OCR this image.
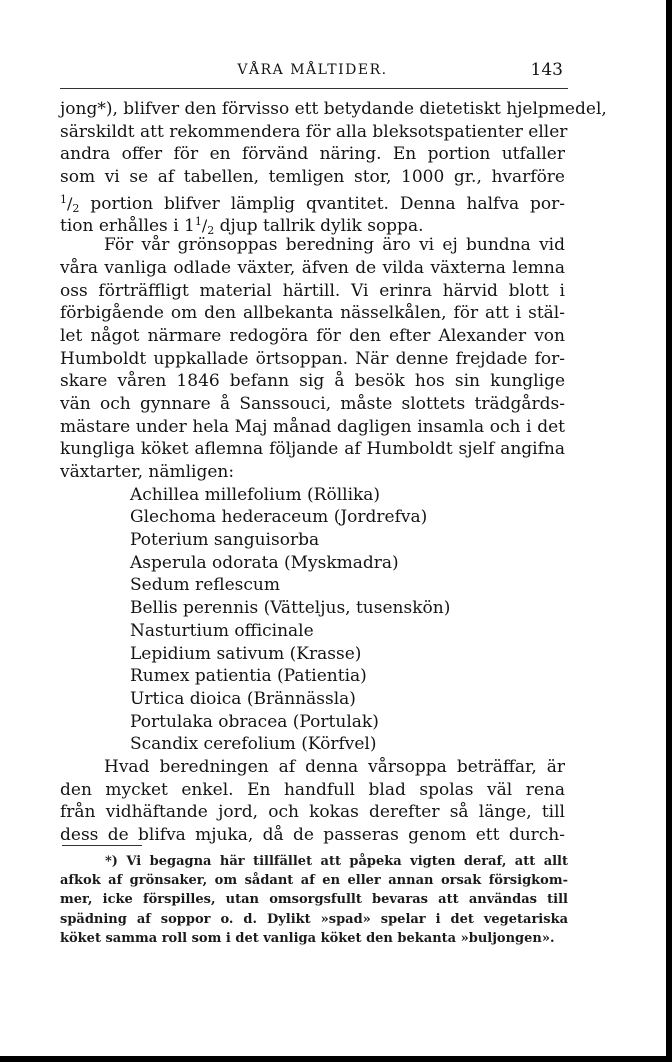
VÅRA MÅLTIDER.	143
jong*), blifver den förvisso ett betydande dietetiskt hjelpmedel,
särskildt att rekommendera för alla bleksotspatienter eller
andra offer för en förvänd näring. En portion utfaller
som vi se af tabellen, temligen stor, 1000 gr., hvarföre
$^1/_2$ portion blifver lämplig qvantitet. Denna halfva por-
tion erhålles i $1^1/_2$ djup tallrik dylik soppa.
För vår grönsoppas beredning äro vi ej bundna vid
våra vanliga odlade växter, äfven de vilda växterna lemna
oss förträffligt material härtill. Vi erinra härvid blott i
förbigående om den allbekanta nässelkålen, för att i stäl-
let något närmare redogöra för den efter Alexander von
Humboldt uppkallade örtsoppan. När denne frejdade for-
skare våren 1846 befann sig å besök hos sin kunglige
vän och gynnare å Sanssouci, måste slottets trädgårds-
mästare under hela Maj månad dagligen insamla och i det
kungliga köket aflemna följande af Humboldt sjelf angifna
växtarter, nämligen:
Achillea millefolium (Röllika)
Glechoma hederaceum (Jordrefva)
Poterium sanguisorba
Asperula odorata (Myskmadra)
Sedum reflescum
Bellis perennis (Vätteljus, tusenskön)
Nasturtium officinale
Lepidium sativum (Krasse)
Rumex patientia (Patientia)
Urtica dioica (Brännässla)
Portulaka obracea (Portulak)
Scandix cerefolium (Körfvel)
Hvad beredningen af denna vårsoppa beträffar, är
den mycket enkel. En handfull blad spolas väl rena
från vidhäftande jord, och kokas derefter så länge, till
dess de blifva mjuka, då de passeras genom ett durch-
*) Vi begagna här tillfället att påpeka vigten deraf, att allt
afkok af grönsaker, om sådant af en eller annan orsak försigkom-
mer, icke förspilles, utan omsorgsfullt bevaras att användas till
spädning af soppor o. d. Dylikt »spad» spelar i det vegetariska
köket samma roll som i det vanliga köket den bekanta »buljongen».
